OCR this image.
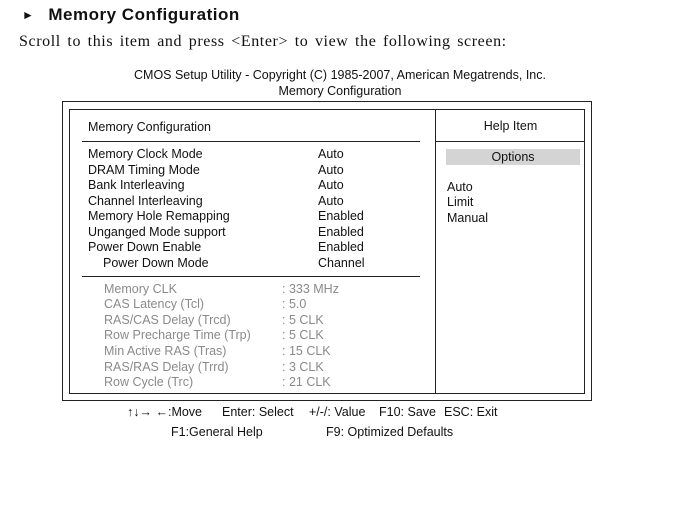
► Memory Configuration
Scroll to this item and press <Enter> to view the following screen:
CMOS Setup Utility - Copyright (C) 1985-2007, American Megatrends, Inc.
Memory Configuration
Memory Configuration
Memory Clock Mode	Auto
DRAM Timing Mode	Auto
Bank Interleaving	Auto
Channel Interleaving	Auto
Memory Hole Remapping	Enabled
Unganged Mode support	Enabled
Power Down Enable	Enabled
Power Down Mode	Channel
Memory CLK	: 333 MHz
CAS Latency (Tcl)	: 5.0
RAS/CAS Delay (Trcd)	: 5 CLK
Row Precharge Time (Trp) : 5 CLK
Min Active RAS (Tras)	: 15 CLK
RAS/RAS Delay (Trrd)	: 3 CLK
Row Cycle (Trc)	: 21 CLK
Help Item
Options
Auto
Limit
Manual
↑↓→ ←:Move Enter: Select +/-/: Value F10: Save ESC: Exit
F1:General Help	F9: Optimized Defaults
